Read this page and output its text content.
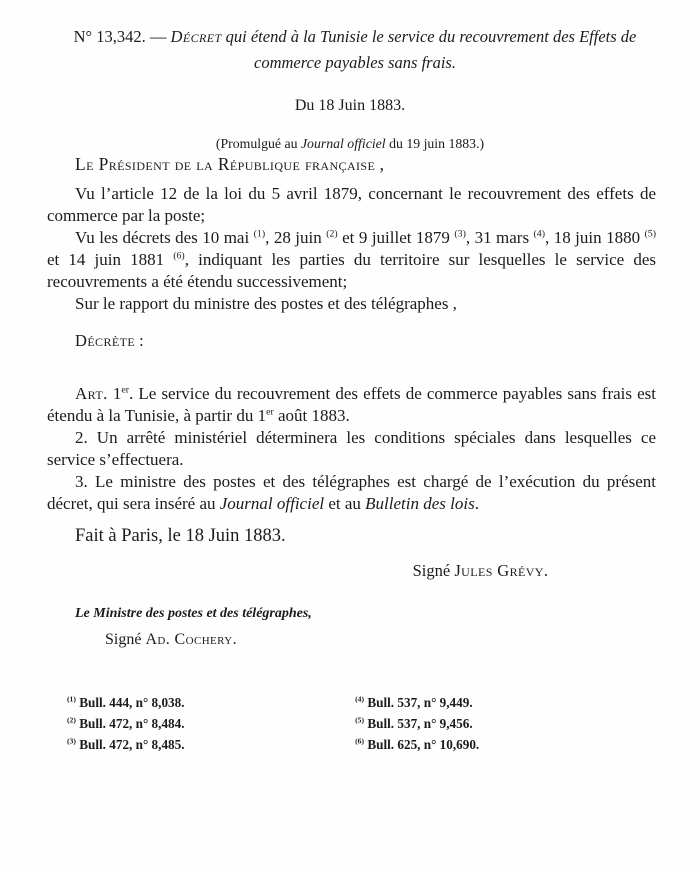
N° 13,342. — Décret qui étend à la Tunisie le service du recouvrement des Effets de commerce payables sans frais.
Du 18 Juin 1883.
(Promulgué au Journal officiel du 19 juin 1883.)

Le Président de la République française ,

Vu l’article 12 de la loi du 5 avril 1879, concernant le recouvrement des effets de commerce par la poste;

Vu les décrets des 10 mai $^{(1)}$, 28 juin $^{(2)}$ et 9 juillet 1879 $^{(3)}$, 31 mars $^{(4)}$, 18 juin 1880 $^{(5)}$ et 14 juin 1881 $^{(6)}$, indiquant les parties du territoire sur lesquelles le service des recouvrements a été étendu successivement;

Sur le rapport du ministre des postes et des télégraphes ,

Décrète :

Art. 1er. Le service du recouvrement des effets de commerce payables sans frais est étendu à la Tunisie, à partir du 1er août 1883.

2. Un arrêté ministériel déterminera les conditions spéciales dans lesquelles ce service s’effectuera.

3. Le ministre des postes et des télégraphes est chargé de l’exécution du présent décret, qui sera inséré au Journal officiel et au Bulletin des lois.

Fait à Paris, le 18 Juin 1883.

Signé Jules Grévy.

Le Ministre des postes et des télégraphes,

Signé Ad. Cochery.

$^{(1)}$ Bull. 444, n° 8,038.
$^{(2)}$ Bull. 472, n° 8,484.
$^{(3)}$ Bull. 472, n° 8,485.
$^{(4)}$ Bull. 537, n° 9,449.
$^{(5)}$ Bull. 537, n° 9,456.
$^{(6)}$ Bull. 625, n° 10,690.
